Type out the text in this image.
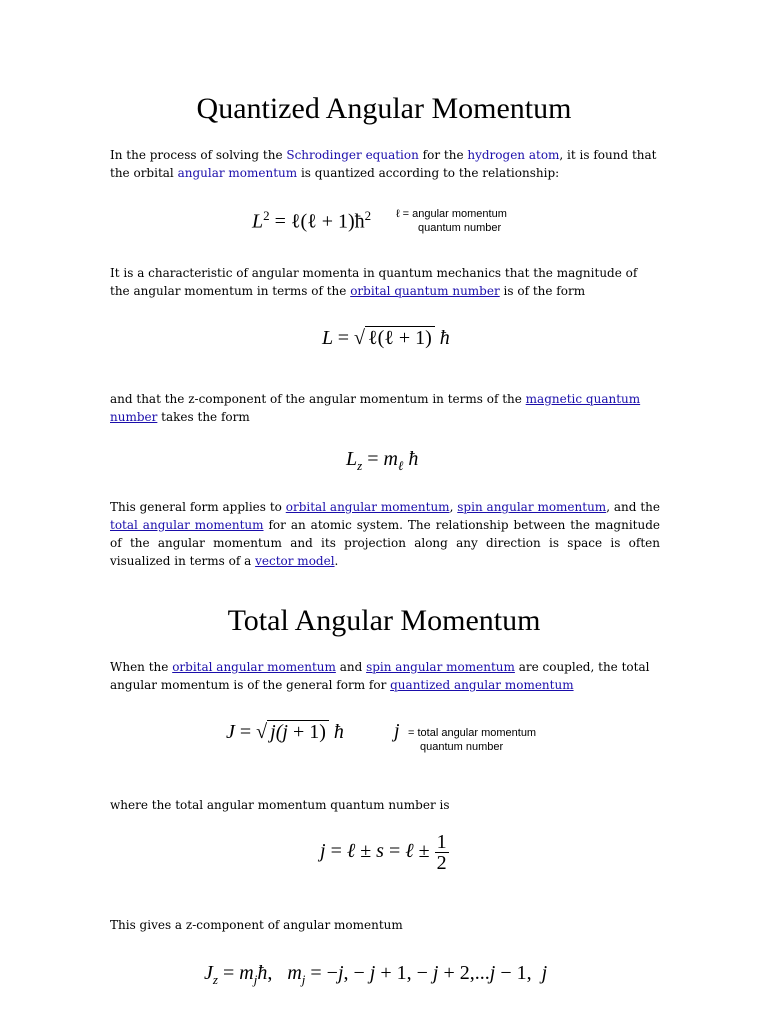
Quantized Angular Momentum

In the process of solving the Schrodinger equation for the hydrogen atom, it is found that the orbital angular momentum is quantized according to the relationship:

$L^2$ = ℓ(ℓ + $1)ħ^2$ ℓ = angular momentum
quantum number

It is a characteristic of angular momenta in quantum mechanics that the magnitude of the angular momentum in terms of the orbital quantum number is of the form

L = √ ℓ(ℓ + 1) ħ

and that the z-component of the angular momentum in terms of the magnetic quantum number takes the form

$L_z = m_\ell$ ħ

This general form applies to orbital angular momentum, spin angular momentum, and the total angular momentum for an atomic system. The relationship between the magnitude of the angular momentum and its projection along any direction is space is often visualized in terms of a vector model.

Total Angular Momentum

When the orbital angular momentum and spin angular momentum are coupled, the total angular momentum is of the general form for quantized angular momentum

J = √ j(j + 1) ħ	j = total angular momentum
quantum number

where the total angular momentum quantum number is

j = ℓ ± s = ℓ ± $\frac{1}{2}$

This gives a z-component of angular momentum

$J_z$ = $m_jħ$,   $m_j = -j$, − j + 1, − j + 2,...j − 1,  j
